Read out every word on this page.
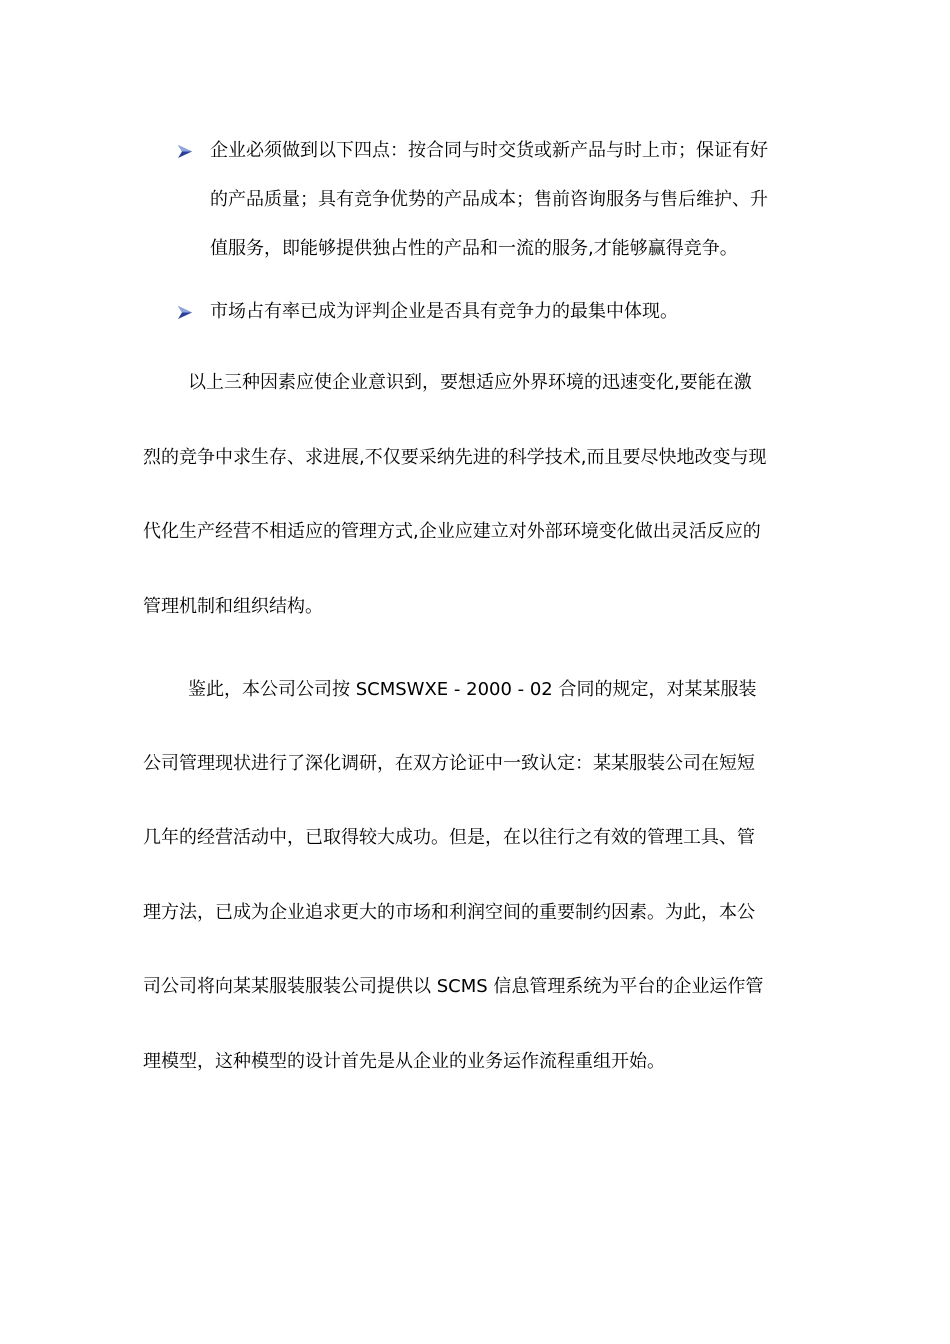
企业必须做到以下四点：按合同与时交货或新产品与时上市；保证有好
的产品质量；具有竞争优势的产品成本；售前咨询服务与售后维护、升
值服务，即能够提供独占性的产品和一流的服务,才能够赢得竞争。
市场占有率已成为评判企业是否具有竞争力的最集中体现。
以上三种因素应使企业意识到，要想适应外界环境的迅速变化,要能在激
烈的竞争中求生存、求进展,不仅要采纳先进的科学技术,而且要尽快地改变与现
代化生产经营不相适应的管理方式,企业应建立对外部环境变化做出灵活反应的
管理机制和组织结构。
鉴此，本公司公司按 SCMSWXE - 2000 - 02 合同的规定，对某某服装
公司管理现状进行了深化调研，在双方论证中一致认定：某某服装公司在短短
几年的经营活动中，已取得较大成功。但是，在以往行之有效的管理工具、管
理方法，已成为企业追求更大的市场和利润空间的重要制约因素。为此，本公
司公司将向某某服装服装公司提供以 SCMS 信息管理系统为平台的企业运作管
理模型，这种模型的设计首先是从企业的业务运作流程重组开始。
